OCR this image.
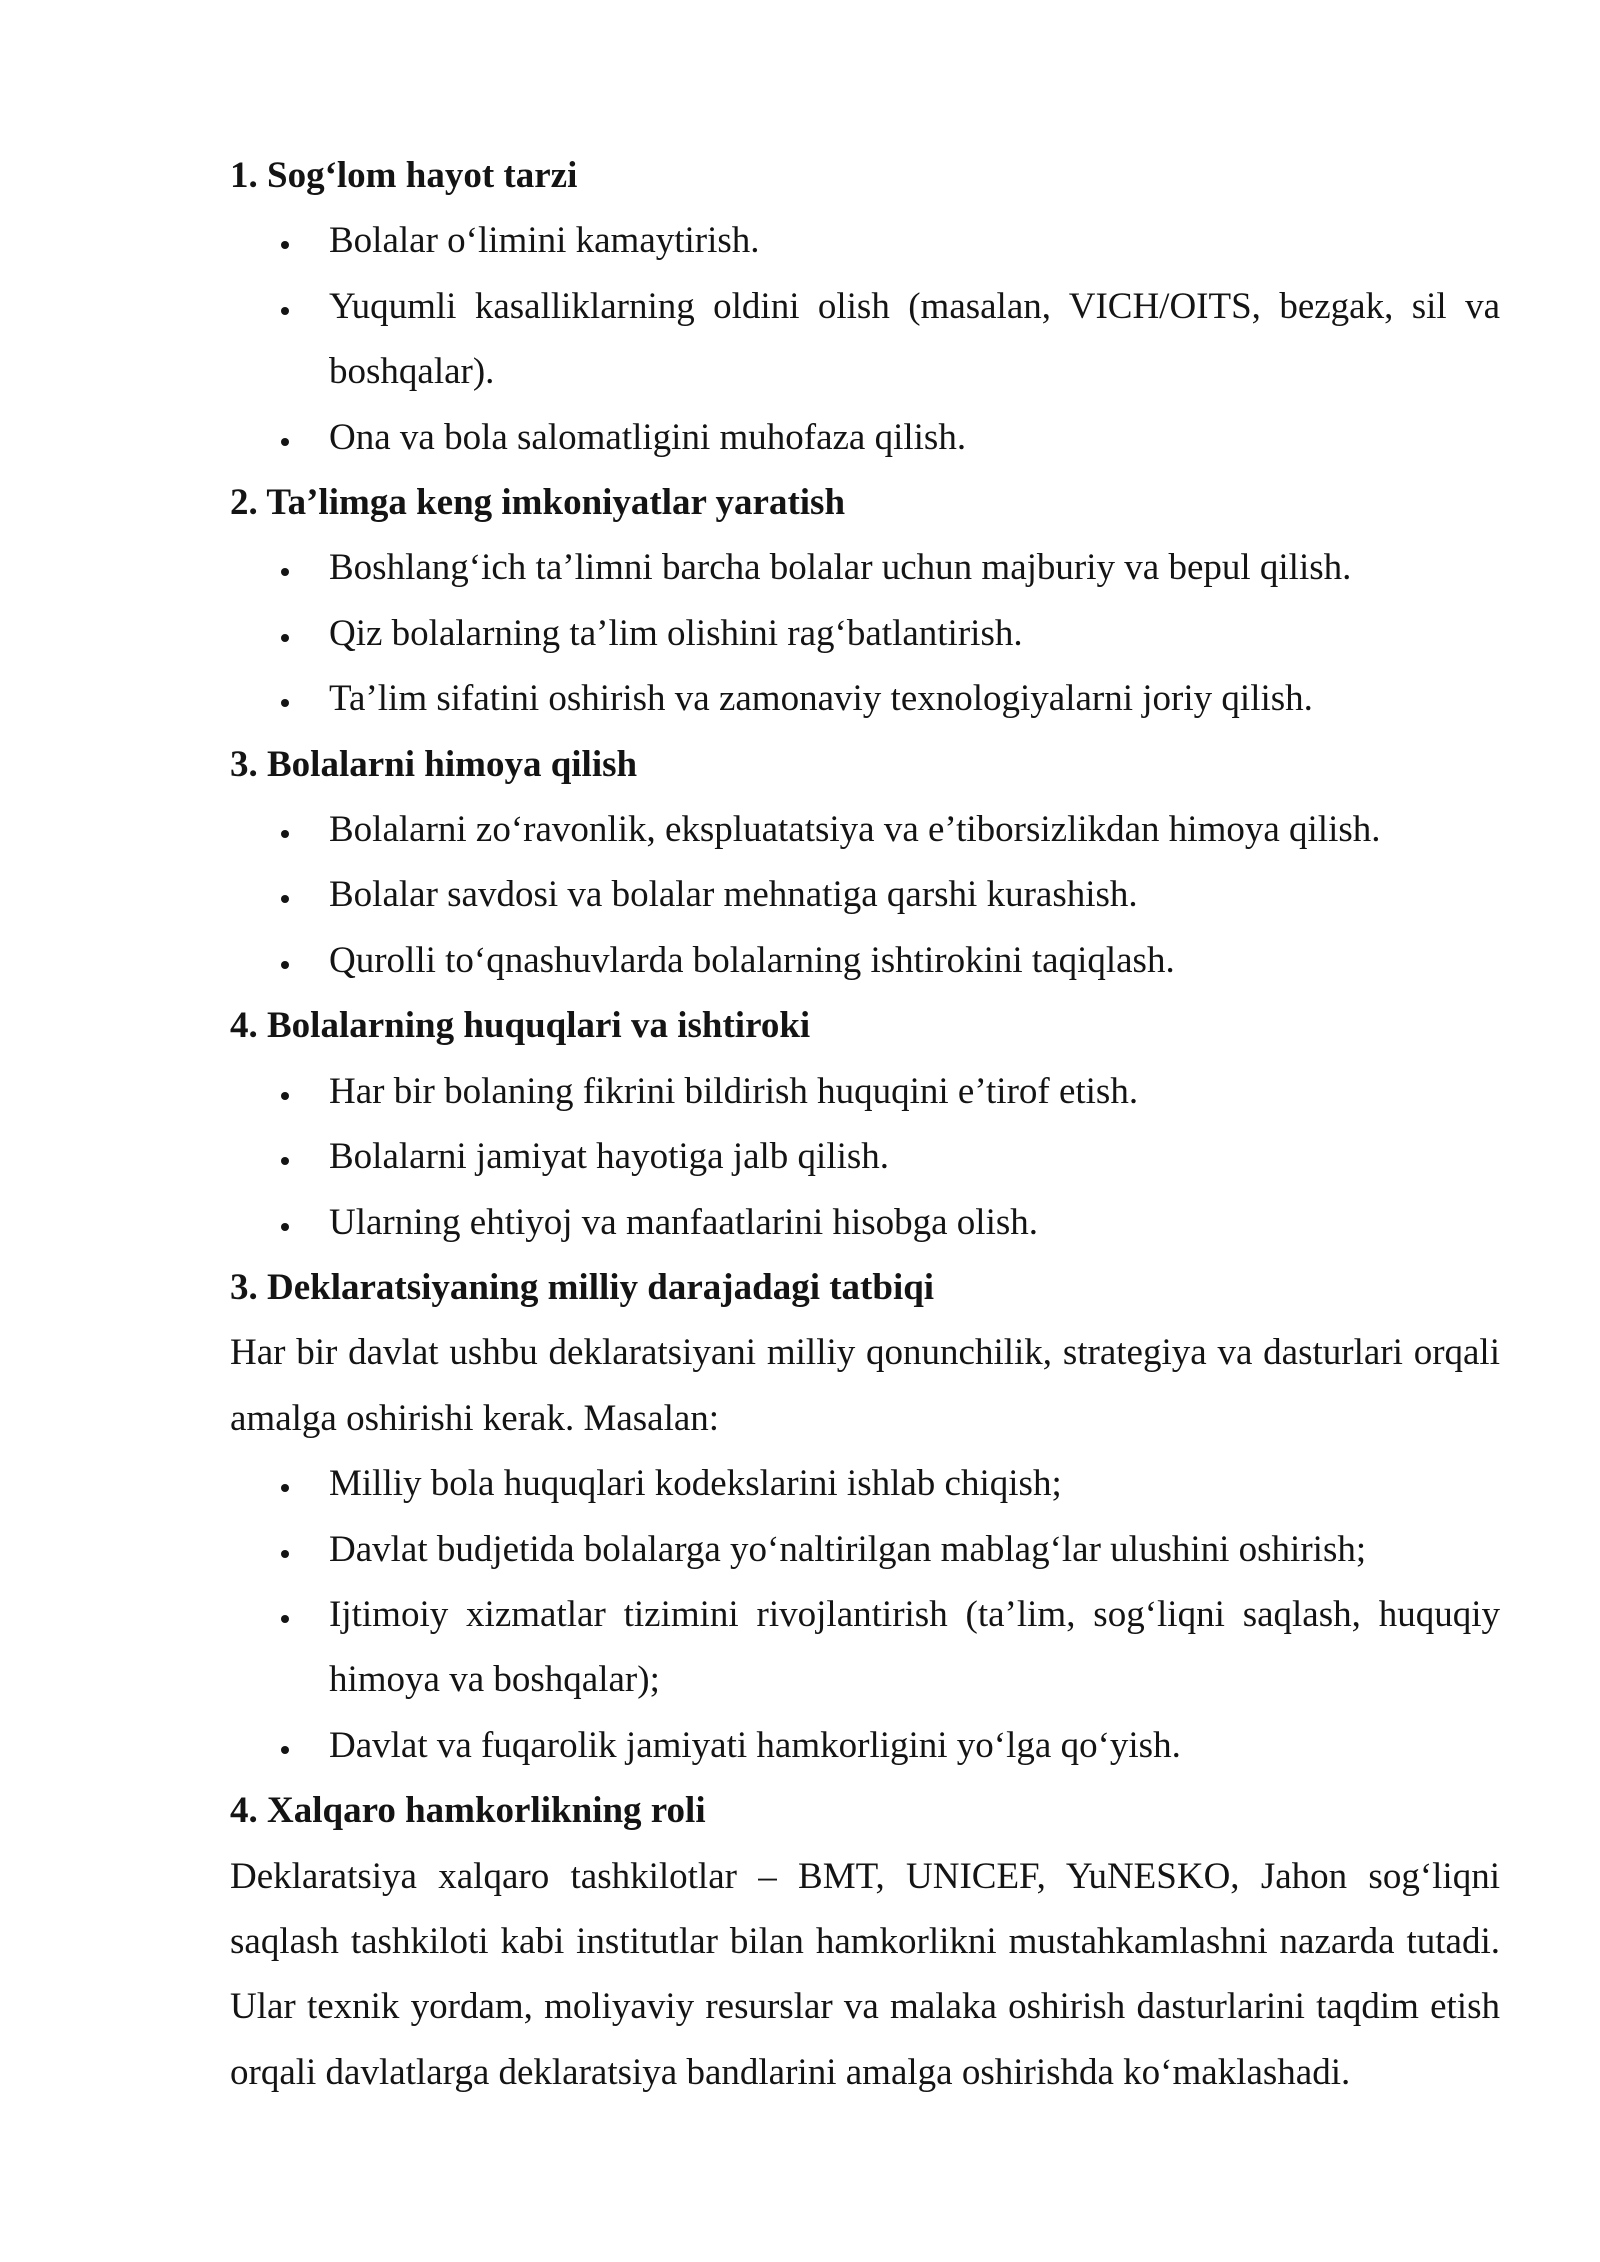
1. Sog‘lom hayot tarzi
Bolalar o‘limini kamaytirish.
Yuqumli kasalliklarning oldini olish (masalan, VICH/OITS, bezgak, sil va boshqalar).
Ona va bola salomatligini muhofaza qilish.
2. Ta’limga keng imkoniyatlar yaratish
Boshlang‘ich ta’limni barcha bolalar uchun majburiy va bepul qilish.
Qiz bolalarning ta’lim olishini rag‘batlantirish.
Ta’lim sifatini oshirish va zamonaviy texnologiyalarni joriy qilish.
3. Bolalarni himoya qilish
Bolalarni zo‘ravonlik, ekspluatatsiya va e’tiborsizlikdan himoya qilish.
Bolalar savdosi va bolalar mehnatiga qarshi kurashish.
Qurolli to‘qnashuvlarda bolalarning ishtirokini taqiqlash.
4. Bolalarning huquqlari va ishtiroki
Har bir bolaning fikrini bildirish huquqini e’tirof etish.
Bolalarni jamiyat hayotiga jalb qilish.
Ularning ehtiyoj va manfaatlarini hisobga olish.
3. Deklaratsiyaning milliy darajadagi tatbiqi

Har bir davlat ushbu deklaratsiyani milliy qonunchilik, strategiya va dasturlari orqali amalga oshirishi kerak. Masalan:

Milliy bola huquqlari kodekslarini ishlab chiqish;
Davlat budjetida bolalarga yo‘naltirilgan mablag‘lar ulushini oshirish;
Ijtimoiy xizmatlar tizimini rivojlantirish (ta’lim, sog‘liqni saqlash, huquqiy himoya va boshqalar);
Davlat va fuqarolik jamiyati hamkorligini yo‘lga qo‘yish.
4. Xalqaro hamkorlikning roli

Deklaratsiya xalqaro tashkilotlar – BMT, UNICEF, YuNESKO, Jahon sog‘liqni saqlash tashkiloti kabi institutlar bilan hamkorlikni mustahkamlashni nazarda tutadi. Ular texnik yordam, moliyaviy resurslar va malaka oshirish dasturlarini taqdim etish orqali davlatlarga deklaratsiya bandlarini amalga oshirishda ko‘maklashadi.
